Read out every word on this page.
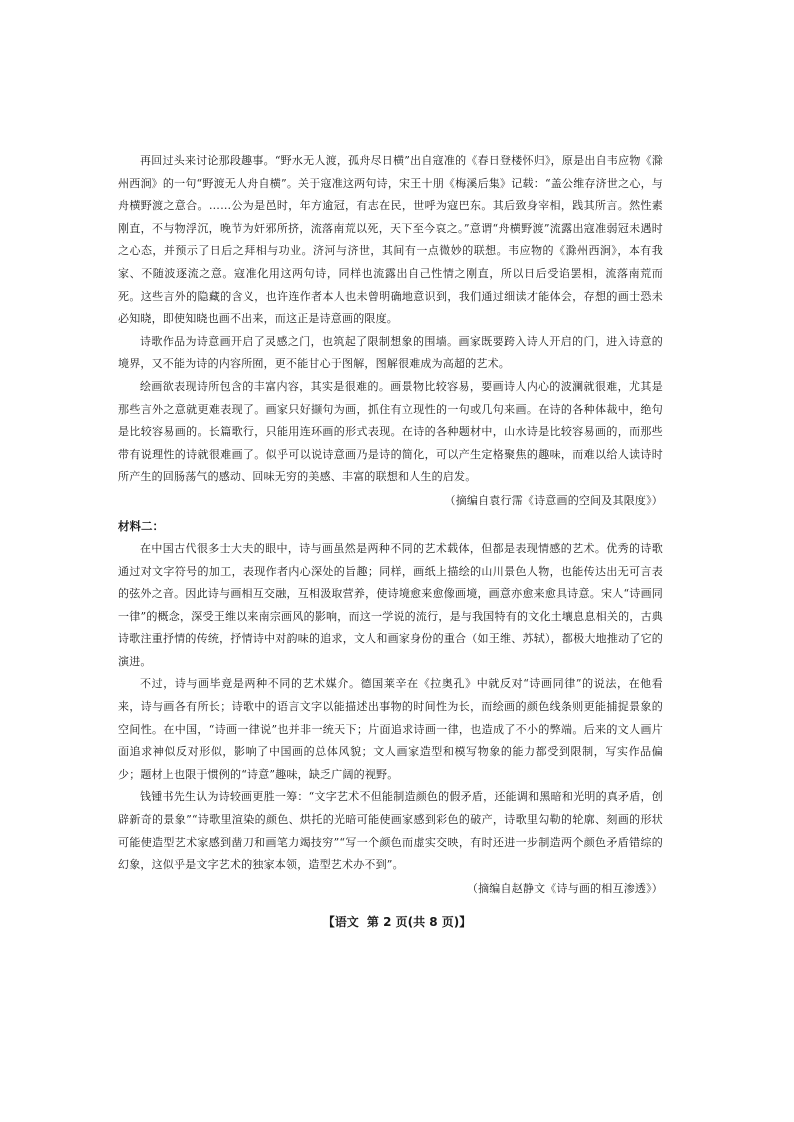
再回过头来讨论那段趣事。“野水无人渡，孤舟尽日横”出自寇准的《春日登楼怀归》，原是出自韦应物《滁州西涧》的一句“野渡无人舟自横”。关于寇准这两句诗，宋王十朋《梅溪后集》记载：“盖公维存济世之心，与舟横野渡之意合。……公为是邑时，年方逾冠，有志在民，世呼为寇巴东。其后致身宰相，践其所言。然性素刚直，不与物浮沉，晚节为奸邪所挤，流落南荒以死，天下至今哀之。”意谓“舟横野渡”流露出寇准弱冠未遇时之心态，并预示了日后之拜相与功业。济河与济世，其间有一点微妙的联想。韦应物的《滁州西涧》，本有我家、不随波逐流之意。寇准化用这两句诗，同样也流露出自己性情之刚直，所以日后受谄罢相，流落南荒而死。这些言外的隐藏的含义，也许连作者本人也未曾明确地意识到，我们通过细读才能体会，存想的画士恐未必知晓，即使知晓也画不出来，而这正是诗意画的限度。

诗歌作品为诗意画开启了灵感之门，也筑起了限制想象的围墙。画家既要跨入诗人开启的门，进入诗意的境界，又不能为诗的内容所囿，更不能甘心于图解，图解很难成为高超的艺术。

绘画欲表现诗所包含的丰富内容，其实是很难的。画景物比较容易，要画诗人内心的波澜就很难，尤其是那些言外之意就更难表现了。画家只好撷句为画，抓住有立现性的一句或几句来画。在诗的各种体裁中，绝句是比较容易画的。长篇歌行，只能用连环画的形式表现。在诗的各种题材中，山水诗是比较容易画的，而那些带有说理性的诗就很难画了。似乎可以说诗意画乃是诗的简化，可以产生定格聚焦的趣味，而难以给人读诗时所产生的回肠荡气的感动、回味无穷的美感、丰富的联想和人生的启发。

（摘编自袁行霈《诗意画的空间及其限度》）

材料二：

在中国古代很多士大夫的眼中，诗与画虽然是两种不同的艺术载体，但都是表现情感的艺术。优秀的诗歌通过对文字符号的加工，表现作者内心深处的旨趣；同样，画纸上描绘的山川景色人物，也能传达出无可言表的弦外之音。因此诗与画相互交融，互相汲取营养，使诗境愈来愈像画境，画意亦愈来愈具诗意。宋人“诗画同一律”的概念，深受王维以来南宗画风的影响，而这一学说的流行，是与我国特有的文化土壤息息相关的，古典诗歌注重抒情的传统，抒情诗中对韵味的追求，文人和画家身份的重合（如王维、苏轼），都极大地推动了它的演进。

不过，诗与画毕竟是两种不同的艺术媒介。德国莱辛在《拉奥孔》中就反对“诗画同律”的说法，在他看来，诗与画各有所长；诗歌中的语言文字以能描述出事物的时间性为长，而绘画的颜色线条则更能捕捉景象的空间性。在中国，“诗画一律说”也并非一统天下；片面追求诗画一律，也造成了不小的弊端。后来的文人画片面追求神似反对形似，影响了中国画的总体风貌；文人画家造型和模写物象的能力都受到限制，写实作品偏少；题材上也限于惯例的“诗意”趣味，缺乏广阔的视野。

钱锺书先生认为诗较画更胜一筹：“文字艺术不但能制造颜色的假矛盾，还能调和黑暗和光明的真矛盾，创辟新奇的景象”“诗歌里渲染的颜色、烘托的光暗可能使画家感到彩色的破产，诗歌里勾勒的轮廓、刻画的形状可能使造型艺术家感到凿刀和画笔力竭技穷”“写一个颜色而虚实交映，有时还进一步制造两个颜色矛盾错综的幻象，这似乎是文字艺术的独家本领，造型艺术办不到”。

（摘编自赵静文《诗与画的相互渗透》）

【语文 第 2 页(共 8 页)】
